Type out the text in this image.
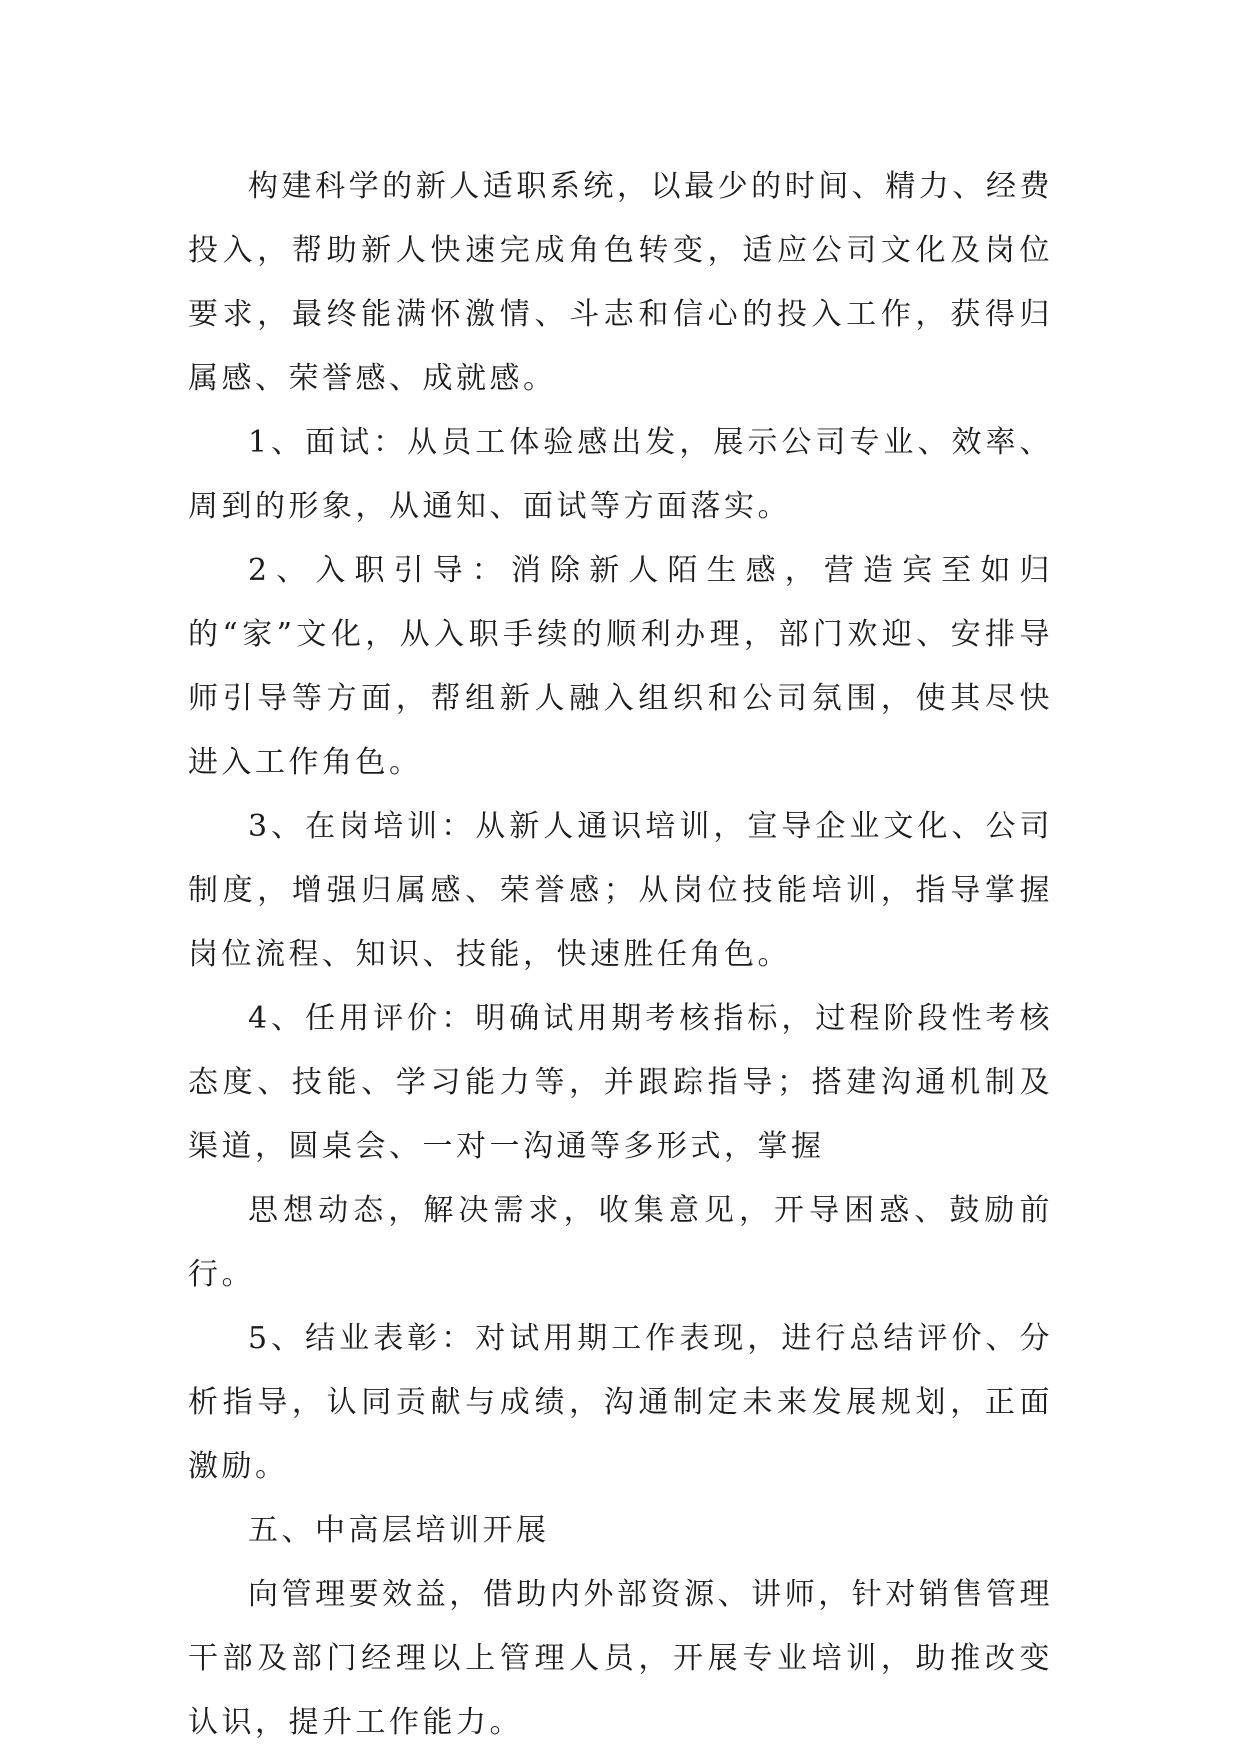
构建科学的新人适职系统，以最少的时间、精力、经费投入，帮助新人快速完成角色转变，适应公司文化及岗位要求，最终能满怀激情、斗志和信心的投入工作，获得归属感、荣誉感、成就感。

1、面试：从员工体验感出发，展示公司专业、效率、周到的形象，从通知、面试等方面落实。

2、入职引导：消除新人陌生感，营造宾至如归的“家”文化，从入职手续的顺利办理，部门欢迎、安排导师引导等方面，帮组新人融入组织和公司氛围，使其尽快进入工作角色。

3、在岗培训：从新人通识培训，宣导企业文化、公司制度，增强归属感、荣誉感；从岗位技能培训，指导掌握岗位流程、知识、技能，快速胜任角色。

4、任用评价：明确试用期考核指标，过程阶段性考核态度、技能、学习能力等，并跟踪指导；搭建沟通机制及渠道，圆桌会、一对一沟通等多形式，掌握

思想动态，解决需求，收集意见，开导困惑、鼓励前行。

5、结业表彰：对试用期工作表现，进行总结评价、分析指导，认同贡献与成绩，沟通制定未来发展规划，正面激励。

五、中高层培训开展

向管理要效益，借助内外部资源、讲师，针对销售管理干部及部门经理以上管理人员，开展专业培训，助推改变认识，提升工作能力。
